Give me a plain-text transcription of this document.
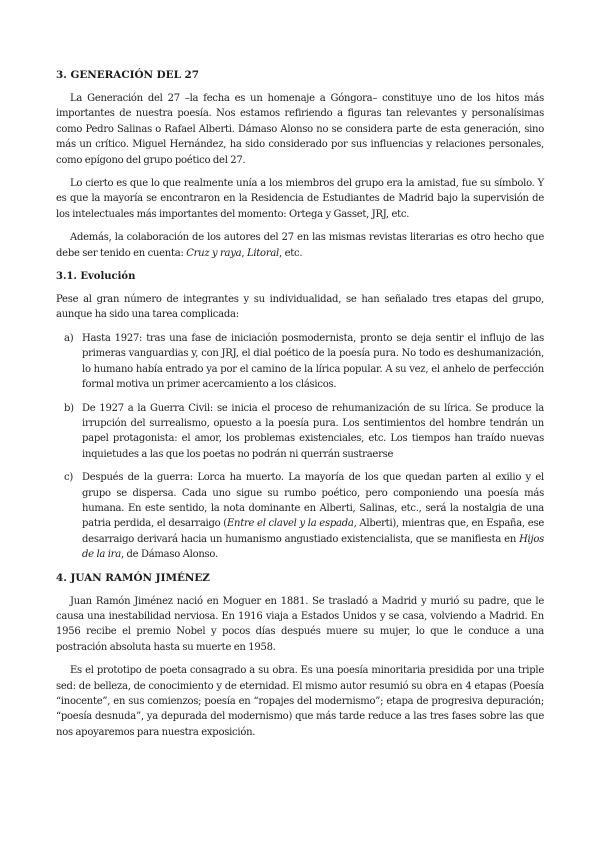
3. GENERACIÓN DEL 27

La Generación del 27 –la fecha es un homenaje a Góngora– constituye uno de los hitos más importantes de nuestra poesía. Nos estamos refiriendo a figuras tan relevantes y personalísimas como Pedro Salinas o Rafael Alberti. Dámaso Alonso no se considera parte de esta generación, sino más un crítico. Miguel Hernández, ha sido considerado por sus influencias y relaciones personales, como epígono del grupo poético del 27.

Lo cierto es que lo que realmente unía a los miembros del grupo era la amistad, fue su símbolo. Y es que la mayoría se encontraron en la Residencia de Estudiantes de Madrid bajo la supervisión de los intelectuales más importantes del momento: Ortega y Gasset, JRJ, etc.

Además, la colaboración de los autores del 27 en las mismas revistas literarias es otro hecho que debe ser tenido en cuenta: Cruz y raya, Litoral, etc.

3.1. Evolución

Pese al gran número de integrantes y su individualidad, se han señalado tres etapas del grupo, aunque ha sido una tarea complicada:

a) Hasta 1927: tras una fase de iniciación posmodernista, pronto se deja sentir el influjo de las primeras vanguardias y, con JRJ, el dial poético de la poesía pura. No todo es deshumanización, lo humano había entrado ya por el camino de la lírica popular. A su vez, el anhelo de perfección formal motiva un primer acercamiento a los clásicos.
b) De 1927 a la Guerra Civil: se inicia el proceso de rehumanización de su lírica. Se produce la irrupción del surrealismo, opuesto a la poesía pura. Los sentimientos del hombre tendrán un papel protagonista: el amor, los problemas existenciales, etc. Los tiempos han traído nuevas inquietudes a las que los poetas no podrán ni querrán sustraerse
c) Después de la guerra: Lorca ha muerto. La mayoría de los que quedan parten al exilio y el grupo se dispersa. Cada uno sigue su rumbo poético, pero componiendo una poesía más humana. En este sentido, la nota dominante en Alberti, Salinas, etc., será la nostalgia de una patria perdida, el desarraigo (Entre el clavel y la espada, Alberti), mientras que, en España, ese desarraigo derivará hacia un humanismo angustiado existencialista, que se manifiesta en Hijos de la ira, de Dámaso Alonso.
4. JUAN RAMÓN JIMÉNEZ

Juan Ramón Jiménez nació en Moguer en 1881. Se trasladó a Madrid y murió su padre, que le causa una inestabilidad nerviosa. En 1916 viaja a Estados Unidos y se casa, volviendo a Madrid. En 1956 recibe el premio Nobel y pocos días después muere su mujer, lo que le conduce a una postración absoluta hasta su muerte en 1958.

Es el prototipo de poeta consagrado a su obra. Es una poesía minoritaria presidida por una triple sed: de belleza, de conocimiento y de eternidad. El mismo autor resumió su obra en 4 etapas (Poesía “inocente”, en sus comienzos; poesía en “ropajes del modernismo”; etapa de progresiva depuración; “poesía desnuda”, ya depurada del modernismo) que más tarde reduce a las tres fases sobre las que nos apoyaremos para nuestra exposición.
